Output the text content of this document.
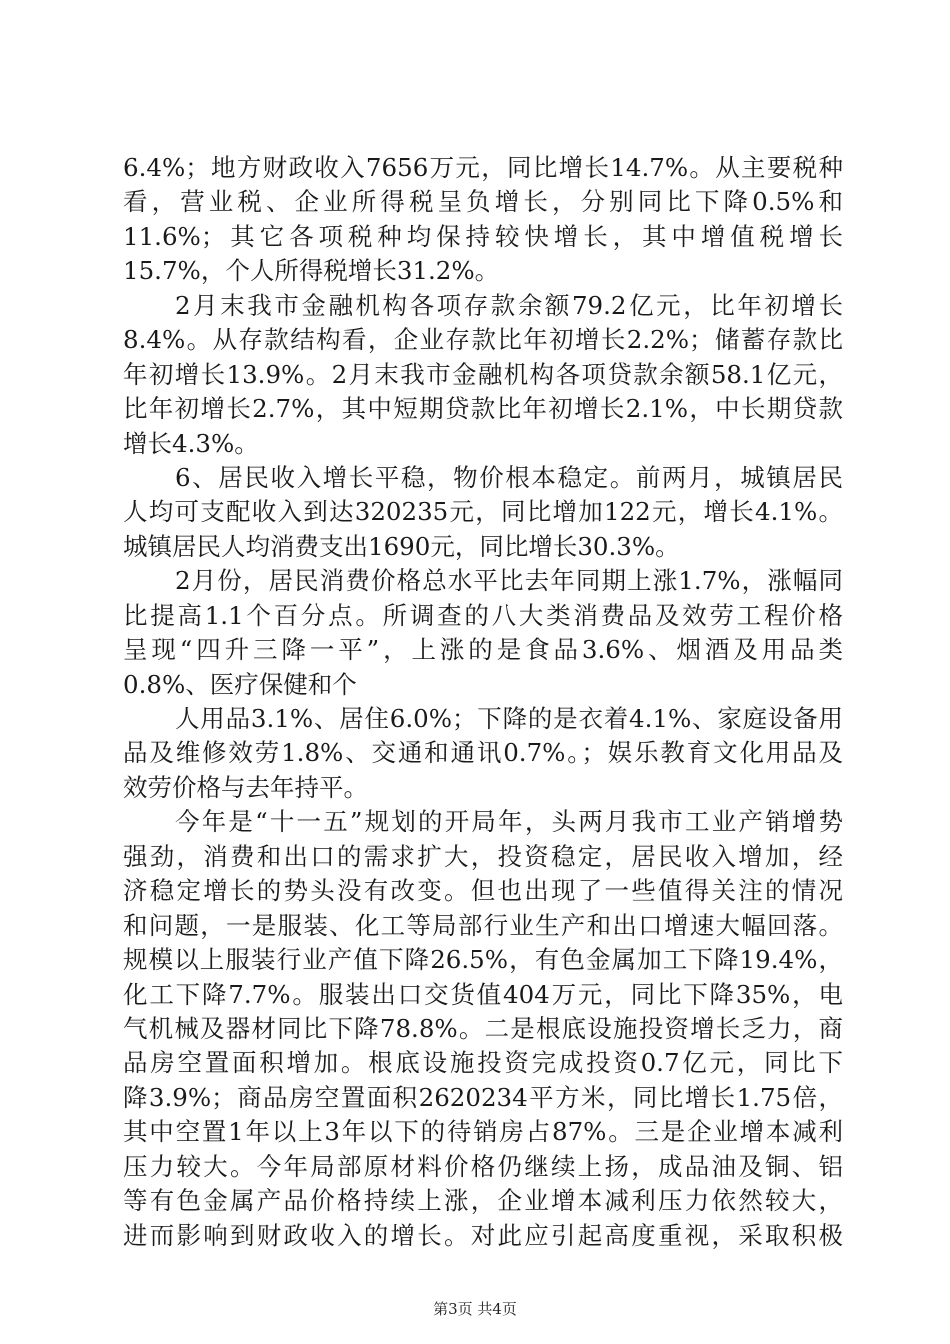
6.4%；地方财政收入7656万元，同比增长14.7%。从主要税种
看，营业税、企业所得税呈负增长，分别同比下降0.5%和
11.6%；其它各项税种均保持较快增长，其中增值税增长
15.7%，个人所得税增长31.2%。
2月末我市金融机构各项存款余额79.2亿元，比年初增长
8.4%。从存款结构看，企业存款比年初增长2.2%；储蓄存款比
年初增长13.9%。2月末我市金融机构各项贷款余额58.1亿元，
比年初增长2.7%，其中短期贷款比年初增长2.1%，中长期贷款
增长4.3%。
6、居民收入增长平稳，物价根本稳定。前两月，城镇居民
人均可支配收入到达320235元，同比增加122元，增长4.1%。
城镇居民人均消费支出1690元，同比增长30.3%。
2月份，居民消费价格总水平比去年同期上涨1.7%，涨幅同
比提高1.1个百分点。所调查的八大类消费品及效劳工程价格
呈现“四升三降一平”，上涨的是食品3.6%、烟酒及用品类
0.8%、医疗保健和个
人用品3.1%、居住6.0%；下降的是衣着4.1%、家庭设备用
品及维修效劳1.8%、交通和通讯0.7%。；娱乐教育文化用品及
效劳价格与去年持平。
今年是“十一五”规划的开局年，头两月我市工业产销增势
强劲，消费和出口的需求扩大，投资稳定，居民收入增加，经
济稳定增长的势头没有改变。但也出现了一些值得关注的情况
和问题，一是服装、化工等局部行业生产和出口增速大幅回落。
规模以上服装行业产值下降26.5%，有色金属加工下降19.4%，
化工下降7.7%。服装出口交货值404万元，同比下降35%，电
气机械及器材同比下降78.8%。二是根底设施投资增长乏力，商
品房空置面积增加。根底设施投资完成投资0.7亿元，同比下
降3.9%；商品房空置面积2620234平方米，同比增长1.75倍，
其中空置1年以上3年以下的待销房占87%。三是企业增本减利
压力较大。今年局部原材料价格仍继续上扬，成品油及铜、铝
等有色金属产品价格持续上涨，企业增本减利压力依然较大，
进而影响到财政收入的增长。对此应引起高度重视，采取积极
第3页 共4页
